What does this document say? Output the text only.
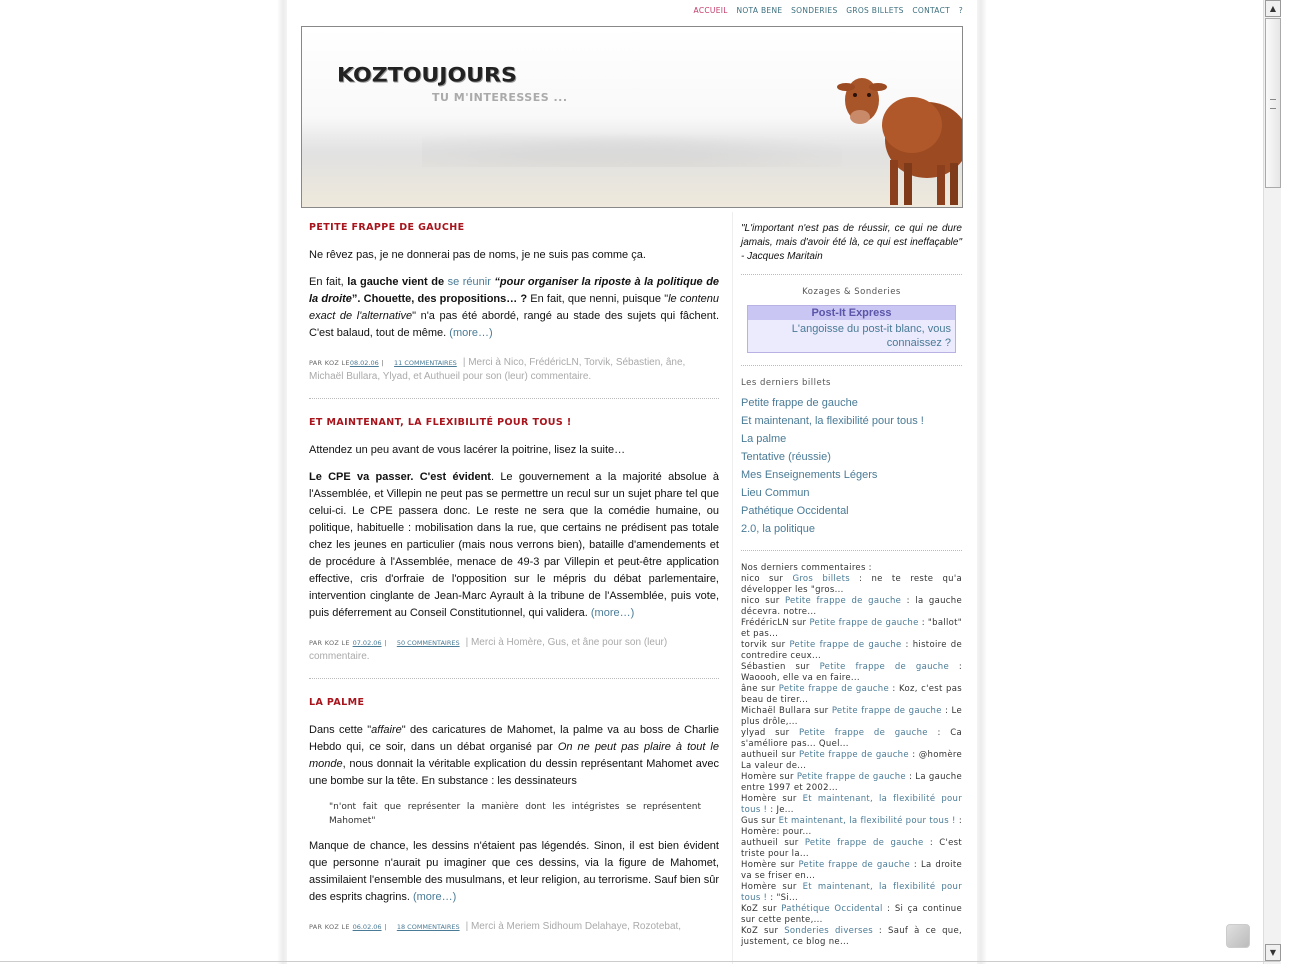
ACCUEIL NOTA BENE SONDERIES GROS BILLETS CONTACT ?
KOZTOUJOURS
TU M'INTERESSES ...
PETITE FRAPPE DE GAUCHE

Ne rêvez pas, je ne donnerai pas de noms, je ne suis pas comme ça.

En fait, la gauche vient de se réunir “pour organiser la riposte à la politique de la droite”. Chouette, des propositions… ? En fait, que nenni, puisque "le contenu exact de l'alternative" n'a pas été abordé, rangé au stade des sujets qui fâchent. C'est balaud, tout de même. (more…)

PAR KOZ LE08.02.06 | 11 COMMENTAIRES | Merci à Nico, FrédéricLN, Torvik, Sébastien, âne, Michaël Bullara, Ylyad, et Authueil pour son (leur) commentaire.
ET MAINTENANT, LA FLEXIBILITÉ POUR TOUS !

Attendez un peu avant de vous lacérer la poitrine, lisez la suite…

Le CPE va passer. C'est évident. Le gouvernement a la majorité absolue à l'Assemblée, et Villepin ne peut pas se permettre un recul sur un sujet phare tel que celui-ci. Le CPE passera donc. Le reste ne sera que la comédie humaine, ou politique, habituelle : mobilisation dans la rue, que certains ne prédisent pas totale chez les jeunes en particulier (mais nous verrons bien), bataille d'amendements et de procédure à l'Assemblée, menace de 49-3 par Villepin et peut-être application effective, cris d'orfraie de l'opposition sur le mépris du débat parlementaire, intervention cinglante de Jean-Marc Ayrault à la tribune de l'Assemblée, puis vote, puis déferrement au Conseil Constitutionnel, qui validera. (more…)

PAR KOZ LE 07.02.06 | 50 COMMENTAIRES | Merci à Homère, Gus, et âne pour son (leur) commentaire.
LA PALME

Dans cette "affaire" des caricatures de Mahomet, la palme va au boss de Charlie Hebdo qui, ce soir, dans un débat organisé par On ne peut pas plaire à tout le monde, nous donnait la véritable explication du dessin représentant Mahomet avec une bombe sur la tête. En substance : les dessinateurs

"n'ont fait que représenter la manière dont les intégristes se représentent Mahomet"

Manque de chance, les dessins n'étaient pas légendés. Sinon, il est bien évident que personne n'aurait pu imaginer que ces dessins, via la figure de Mahomet, assimilaient l'ensemble des musulmans, et leur religion, au terrorisme. Sauf bien sûr des esprits chagrins. (more…)

PAR KOZ LE 06.02.06 | 18 COMMENTAIRES | Merci à Meriem Sidhoum Delahaye, Rozotebat,
"L'important n'est pas de réussir, ce qui ne dure jamais, mais d'avoir été là, ce qui est ineffaçable" - Jacques Maritain
Kozages & Sonderies
Post-It Express
L'angoisse du post-it blanc, vous connaissez ?
Les derniers billets
Petite frappe de gauche
Et maintenant, la flexibilité pour tous !
La palme
Tentative (réussie)
Mes Enseignements Légers
Lieu Commun
Pathétique Occidental
2.0, la politique
Nos derniers commentaires :
nico sur Gros billets : ne te reste qu'a développer les "gros...
nico sur Petite frappe de gauche : la gauche décevra. notre...
FrédéricLN sur Petite frappe de gauche : "ballot" et pas...
torvik sur Petite frappe de gauche : histoire de contredire ceux...
Sébastien sur Petite frappe de gauche : Waoooh, elle va en faire...
âne sur Petite frappe de gauche : Koz, c'est pas beau de tirer...
Michaël Bullara sur Petite frappe de gauche : Le plus drôle,...
ylyad sur Petite frappe de gauche : Ca s'améliore pas... Quel...
authueil sur Petite frappe de gauche : @homère La valeur de...
Homère sur Petite frappe de gauche : La gauche entre 1997 et 2002...
Homère sur Et maintenant, la flexibilité pour tous ! : Je...
Gus sur Et maintenant, la flexibilité pour tous ! : Homère: pour...
authueil sur Petite frappe de gauche : C'est triste pour la...
Homère sur Petite frappe de gauche : La droite va se friser en...
Homère sur Et maintenant, la flexibilité pour tous ! : "Si...
KoZ sur Pathétique Occidental : Si ça continue sur cette pente,...
KoZ sur Sonderies diverses : Sauf à ce que, justement, ce blog ne...
▲
▼
